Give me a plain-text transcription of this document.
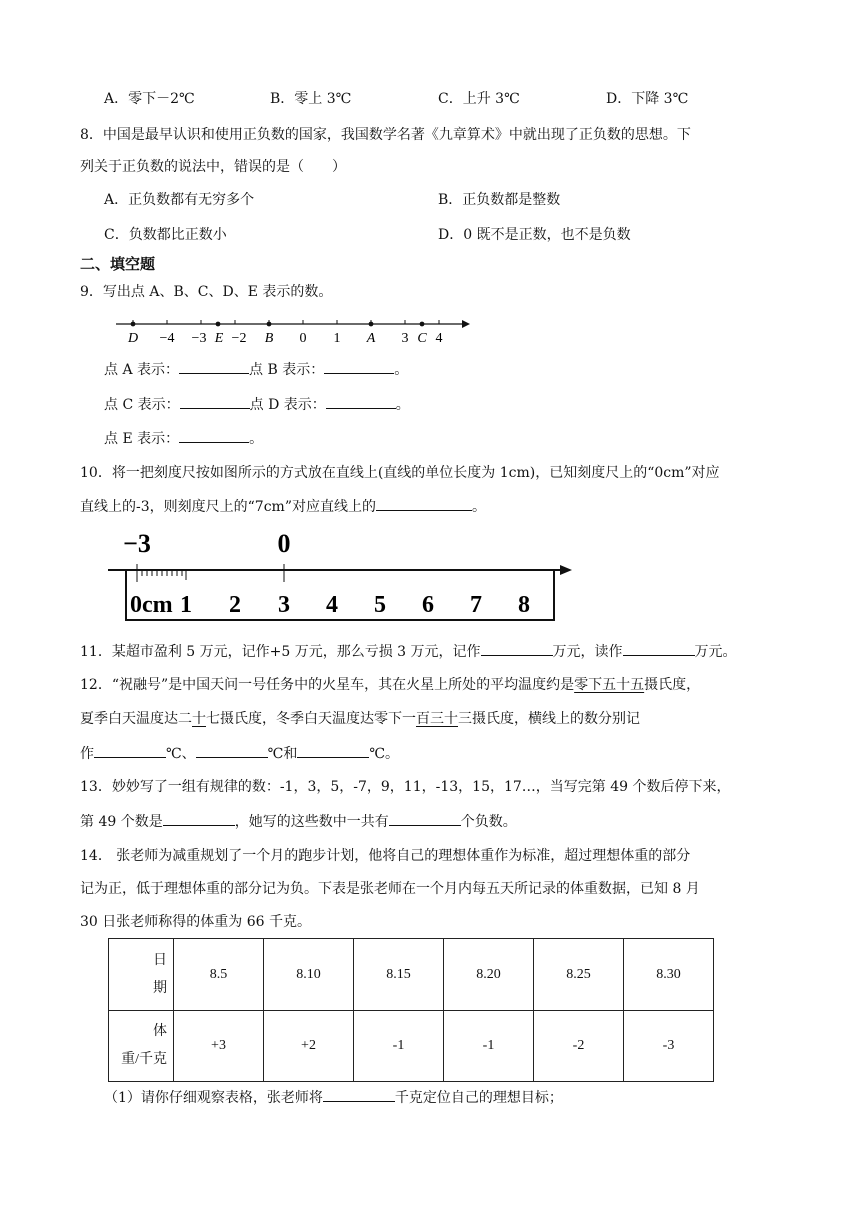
A．零下－2℃	B．零上 3℃	C．上升 3℃	D．下降 3℃
8．中国是最早认识和使用正负数的国家，我国数学名著《九章算术》中就出现了正负数的思想。下
列关于正负数的说法中，错误的是（　　）
A．正负数都有无穷多个	B．正负数都是整数
C．负数都比正数小	D．0 既不是正数，也不是负数
二、填空题
9．写出点 A、B、C、D、E 表示的数。
D −4 −3 E −2 B 0 1 A 3 C 4
点 A 表示：	点 B 表示：	。
点 C 表示：	点 D 表示：	。
点 E 表示：	。
10．将一把刻度尺按如图所示的方式放在直线上(直线的单位长度为 1cm)，已知刻度尺上的“0cm”对应
直线上的-3，则刻度尺上的“7cm”对应直线上的	。
−3	0
0cm 1 2 3 4 5 6 7 8
11．某超市盈利 5 万元，记作+5 万元，那么亏损 3 万元，记作	万元，读作	万元。
12．“祝融号”是中国天问一号任务中的火星车，其在火星上所处的平均温度约是零下五十五摄氏度，
夏季白天温度达二十七摄氏度，冬季白天温度达零下一百三十三摄氏度，横线上的数分别记
作	℃、	℃和	℃。
13．妙妙写了一组有规律的数：-1，3，5，-7，9，11，-13，15，17…，当写完第 49 个数后停下来，
第 49 个数是	，她写的这些数中一共有	个负数。
14． 张老师为减重规划了一个月的跑步计划，他将自己的理想体重作为标准，超过理想体重的部分
记为正，低于理想体重的部分记为负。下表是张老师在一个月内每五天所记录的体重数据，已知 8 月
30 日张老师称得的体重为 66 千克。
日
期	8.5	8.10	8.15	8.20	8.25	8.30
体
重/千克	+3	+2	-1	-1	-2	-3
（1）请你仔细观察表格，张老师将	千克定位自己的理想目标；
